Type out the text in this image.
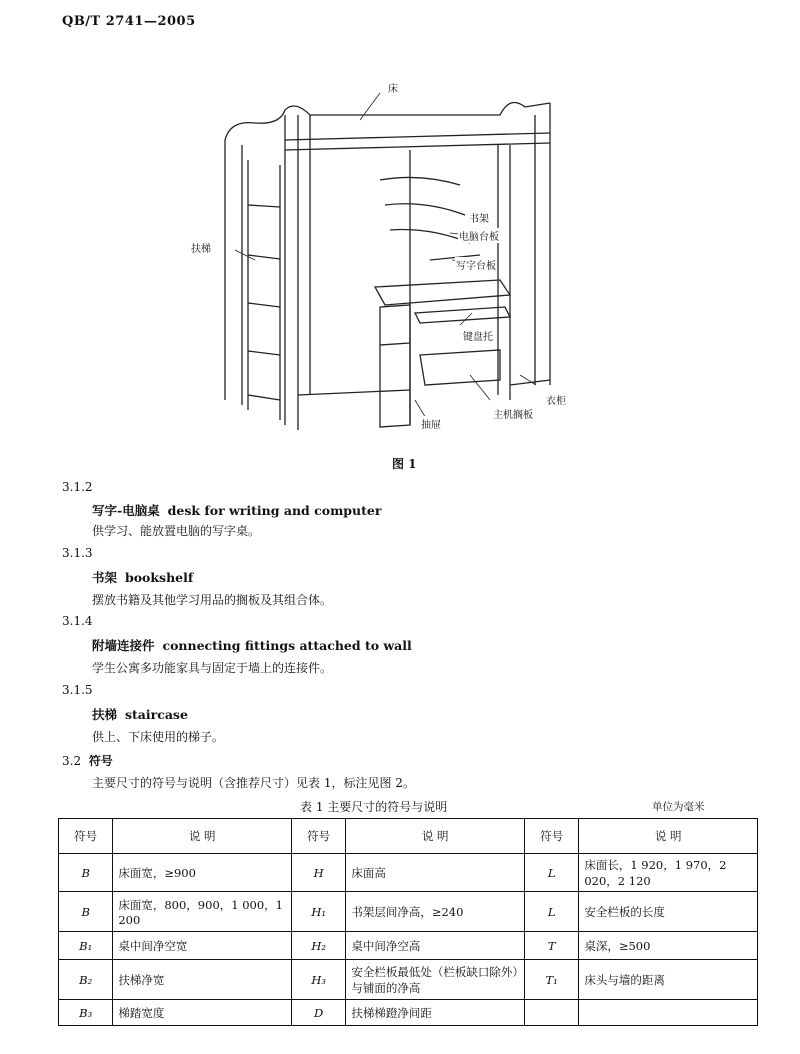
QB/T 2741—2005
床
扶梯
书架
电脑台板
写字台板
键盘托
衣柜
主机搁板
抽屉
图 1
3.1.2
写字-电脑桌 desk for writing and computer
供学习、能放置电脑的写字桌。
3.1.3
书架 bookshelf
摆放书籍及其他学习用品的搁板及其组合体。
3.1.4
附墙连接件 connecting fittings attached to wall
学生公寓多功能家具与固定于墙上的连接件。
3.1.5
扶梯 staircase
供上、下床使用的梯子。
3.2 符号
主要尺寸的符号与说明（含推荐尺寸）见表 1，标注见图 2。
表 1 主要尺寸的符号与说明	单位为毫米
符号	说 明	符号	说 明	符号	说 明
B	床面宽，≥900	H	床面高	L	床面长，1 920，1 970，2 020，2 120
B	床面宽，800，900，1 000，1 200	H₁	书架层间净高，≥240	L	安全栏板的长度
B₁	桌中间净空宽	H₂	桌中间净空高	T	桌深，≥500
B₂	扶梯净宽	H₃	安全栏板最低处（栏板缺口除外）与铺面的净高	T₁	床头与墙的距离
B₃	梯踏宽度	D	扶梯梯蹬净间距		
